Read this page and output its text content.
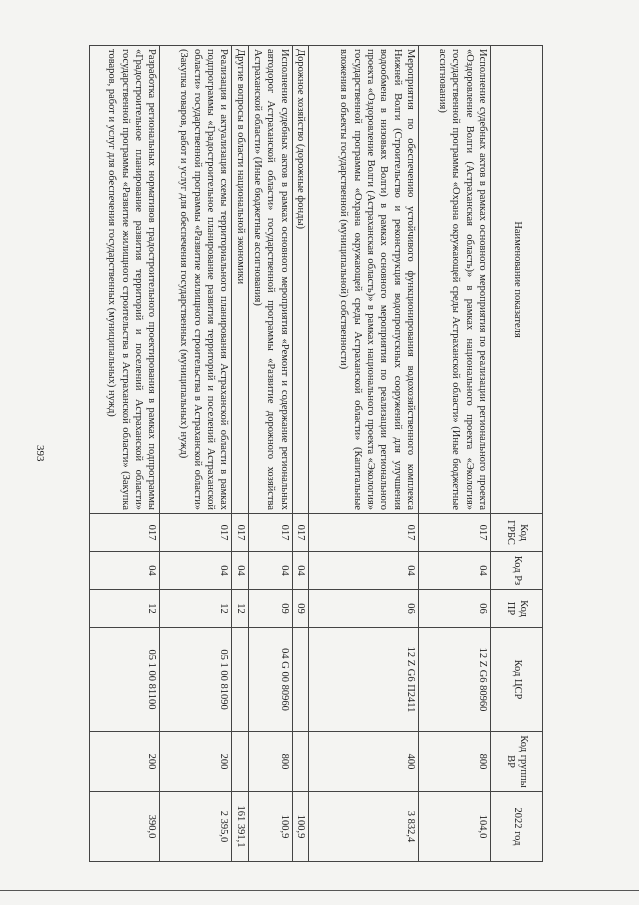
393
Наименование показателя	Код ГРБС	Код Рз	Код ПР	Код ЦСР	Код группы ВР	2022 год
Исполнение судебных актов в рамках основного мероприятия по реализации регионального проекта «Оздоровление Волги (Астраханская область)» в рамках национального проекта «Экология» государственной программы «Охрана окружающей среды Астраханской области» (Иные бюджетные ассигнования)	017	04	06	12 Z G6 80960	800	104,0
Мероприятия по обеспечению устойчивого функционирования водохозяйственного комплекса Нижней Волги (Строительство и реконструкция водопропускных сооружений для улучшения водообмена в низовьях Волги) в рамках основного мероприятия по реализации регионального проекта «Оздоровление Волги (Астраханская область)» в рамках национального проекта «Экология» государственной программы «Охрана окружающей среды Астраханской области» (Капитальные вложения в объекты государственной (муниципальной) собственности)	017	04	06	12 Z G6 П2411	400	3 832,4
Дорожное хозяйство (дорожные фонды)	017	04	09			100,9
Исполнение судебных актов в рамках основного мероприятия «Ремонт и содержание региональных автодорог Астраханской области» государственной программы «Развитие дорожного хозяйства Астраханской области» (Иные бюджетные ассигнования)	017	04	09	04 G 00 80960	800	100,9
Другие вопросы в области национальной экономики	017	04	12			161 391,1
Реализация и актуализация схемы территориального планирования Астраханской области в рамках подпрограммы «Градостроительное планирование развития территорий и поселений Астраханской области» государственной программы «Развитие жилищного строительства в Астраханской области» (Закупка товаров, работ и услуг для обеспечения государственных (муниципальных) нужд)	017	04	12	05 1 00 81090	200	2 395,0
Разработка региональных нормативов градостроительного проектирования в рамках подпрограммы «Градостроительное планирование развития территорий и поселений Астраханской области» государственной программы «Развитие жилищного строительства в Астраханской области» (Закупка товаров, работ и услуг для обеспечения государственных (муниципальных) нужд)	017	04	12	05 1 00 81100	200	390,0
